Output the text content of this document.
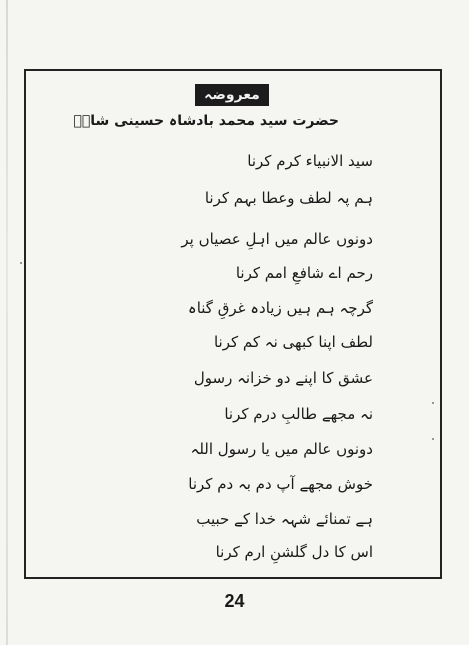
معروضہ
حضرت سید محمد بادشاہ حسینی شاہؒ
سید الانبیاء کرم کرنا
ہم پہ لطف وعطا بہم کرنا
دونوں عالم میں اہلِ عصیاں پر
رحم اے شافعِ امم کرنا
گرچہ ہم ہیں زیادہ غرقِ گناہ
لطف اپنا کبھی نہ کم کرنا
عشق کا اپنے دو خزانہ رسول
نہ مجھے طالبِ درم کرنا
دونوں عالم میں یا رسول اللہ
خوش مجھے آپ دم بہ دم کرنا
ہے تمنائے شہہ خدا کے حبیب
اس کا دل گلشنِ ارم کرنا
24
